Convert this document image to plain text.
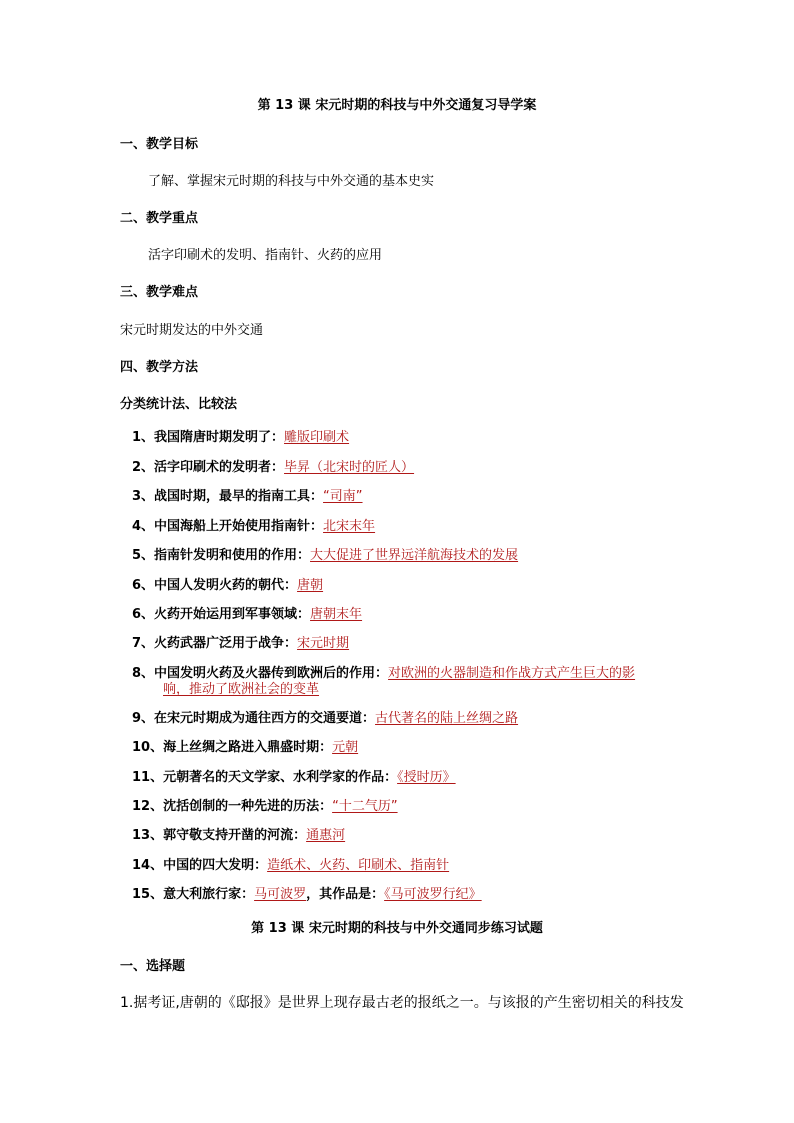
第 13 课 宋元时期的科技与中外交通复习导学案
一、教学目标
了解、掌握宋元时期的科技与中外交通的基本史实
二、教学重点
活字印刷术的发明、指南针、火药的应用
三、教学难点
宋元时期发达的中外交通
四、教学方法
分类统计法、比较法
1、我国隋唐时期发明了：雕版印刷术
2、活字印刷术的发明者：毕昇（北宋时的匠人）
3、战国时期，最早的指南工具：“司南”
4、中国海船上开始使用指南针：北宋末年
5、指南针发明和使用的作用：大大促进了世界远洋航海技术的发展
6、中国人发明火药的朝代：唐朝
6、火药开始运用到军事领域：唐朝末年
7、火药武器广泛用于战争：宋元时期
8、中国发明火药及火器传到欧洲后的作用：对欧洲的火器制造和作战方式产生巨大的影
响，推动了欧洲社会的变革
9、在宋元时期成为通往西方的交通要道：古代著名的陆上丝绸之路
10、海上丝绸之路进入鼎盛时期：元朝
11、元朝著名的天文学家、水利学家的作品：《授时历》
12、沈括创制的一种先进的历法：“十二气历”
13、郭守敬支持开凿的河流：通惠河
14、中国的四大发明：造纸术、火药、印刷术、指南针
15、意大利旅行家：马可波罗，其作品是：《马可波罗行纪》
第 13 课 宋元时期的科技与中外交通同步练习试题
一、选择题
1.据考证,唐朝的《邸报》是世界上现存最古老的报纸之一。与该报的产生密切相关的科技发
